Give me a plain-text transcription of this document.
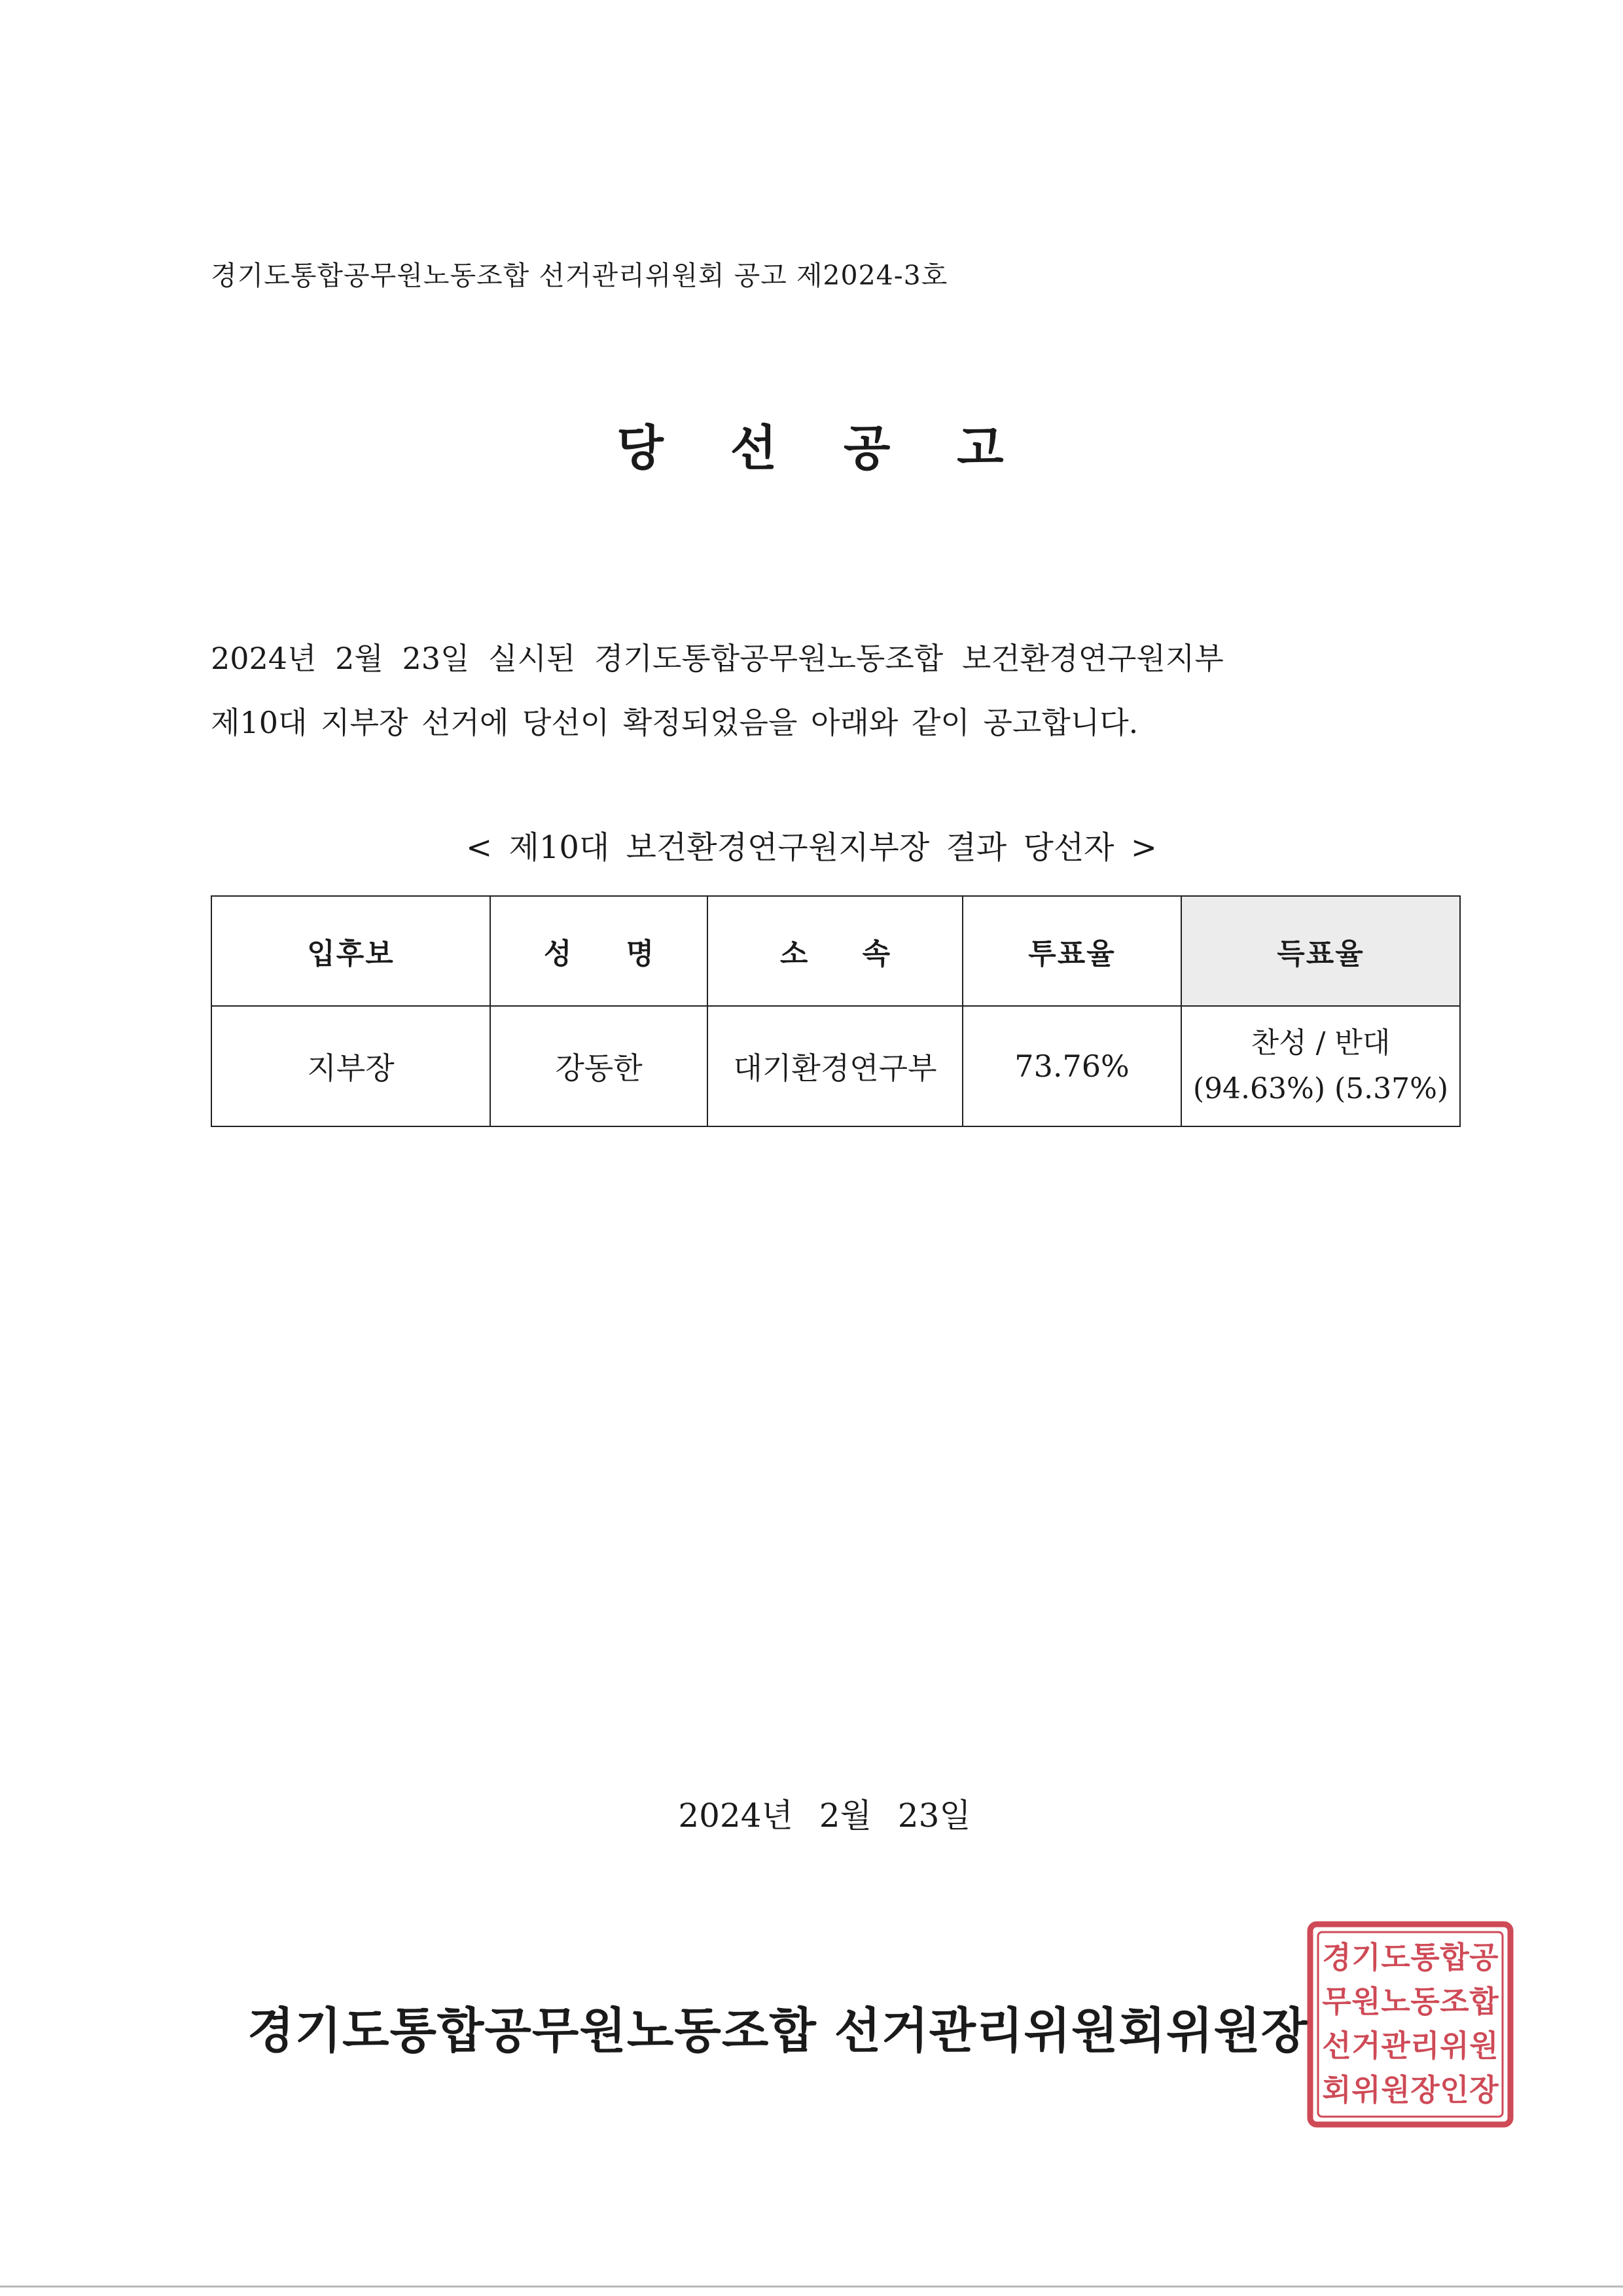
경기도통합공무원노동조합 선거관리위원회 공고 제2024-3호
당 선 공 고
2024년 2월 23일 실시된 경기도통합공무원노동조합 보건환경연구원지부
제10대 지부장 선거에 당선이 확정되었음을 아래와 같이 공고합니다.
< 제10대 보건환경연구원지부장 결과 당선자 >
입후보	성 명	소 속	투표율	득표율
지부장	강동한	대기환경연구부	73.76%	찬성 / 반대
(94.63%) (5.37%)
2024년 2월 23일
경기도통합공무원노동조합 선거관리위원회위원장
경 기 도 통 합 공
무 원 노 동 조 합
선 거 관 리 위 원
회 위 원 장 인 장
